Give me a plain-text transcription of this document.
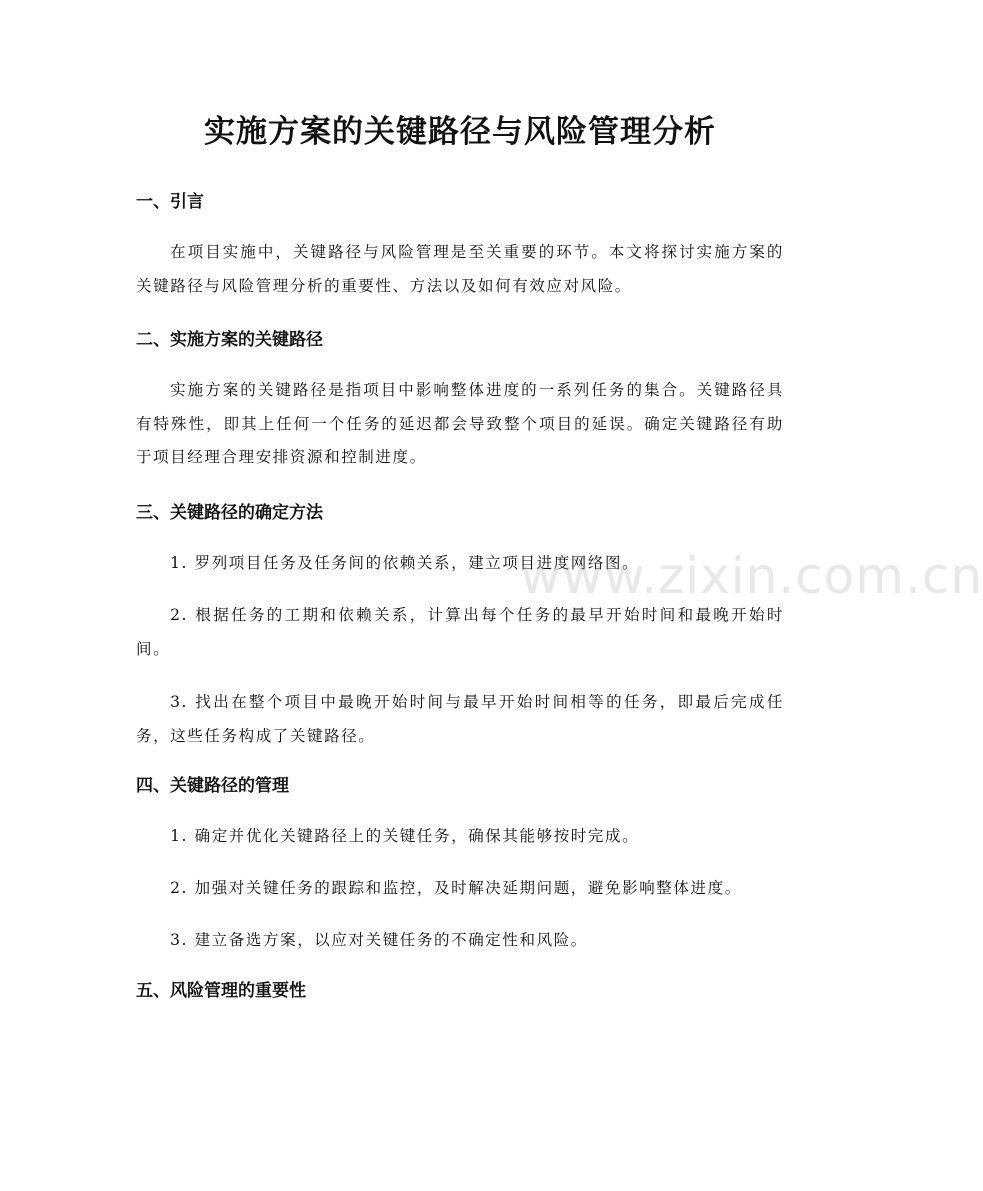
实施方案的关键路径与风险管理分析
一、引言
在项目实施中，关键路径与风险管理是至关重要的环节。本文将探讨实施方案的关键路径与风险管理分析的重要性、方法以及如何有效应对风险。
二、实施方案的关键路径
实施方案的关键路径是指项目中影响整体进度的一系列任务的集合。关键路径具有特殊性，即其上任何一个任务的延迟都会导致整个项目的延误。确定关键路径有助于项目经理合理安排资源和控制进度。
三、关键路径的确定方法
1. 罗列项目任务及任务间的依赖关系，建立项目进度网络图。
2. 根据任务的工期和依赖关系，计算出每个任务的最早开始时间和最晚开始时间。
3. 找出在整个项目中最晚开始时间与最早开始时间相等的任务，即最后完成任务，这些任务构成了关键路径。
四、关键路径的管理
1. 确定并优化关键路径上的关键任务，确保其能够按时完成。
2. 加强对关键任务的跟踪和监控，及时解决延期问题，避免影响整体进度。
3. 建立备选方案，以应对关键任务的不确定性和风险。
五、风险管理的重要性
www.zixin.com.cn
